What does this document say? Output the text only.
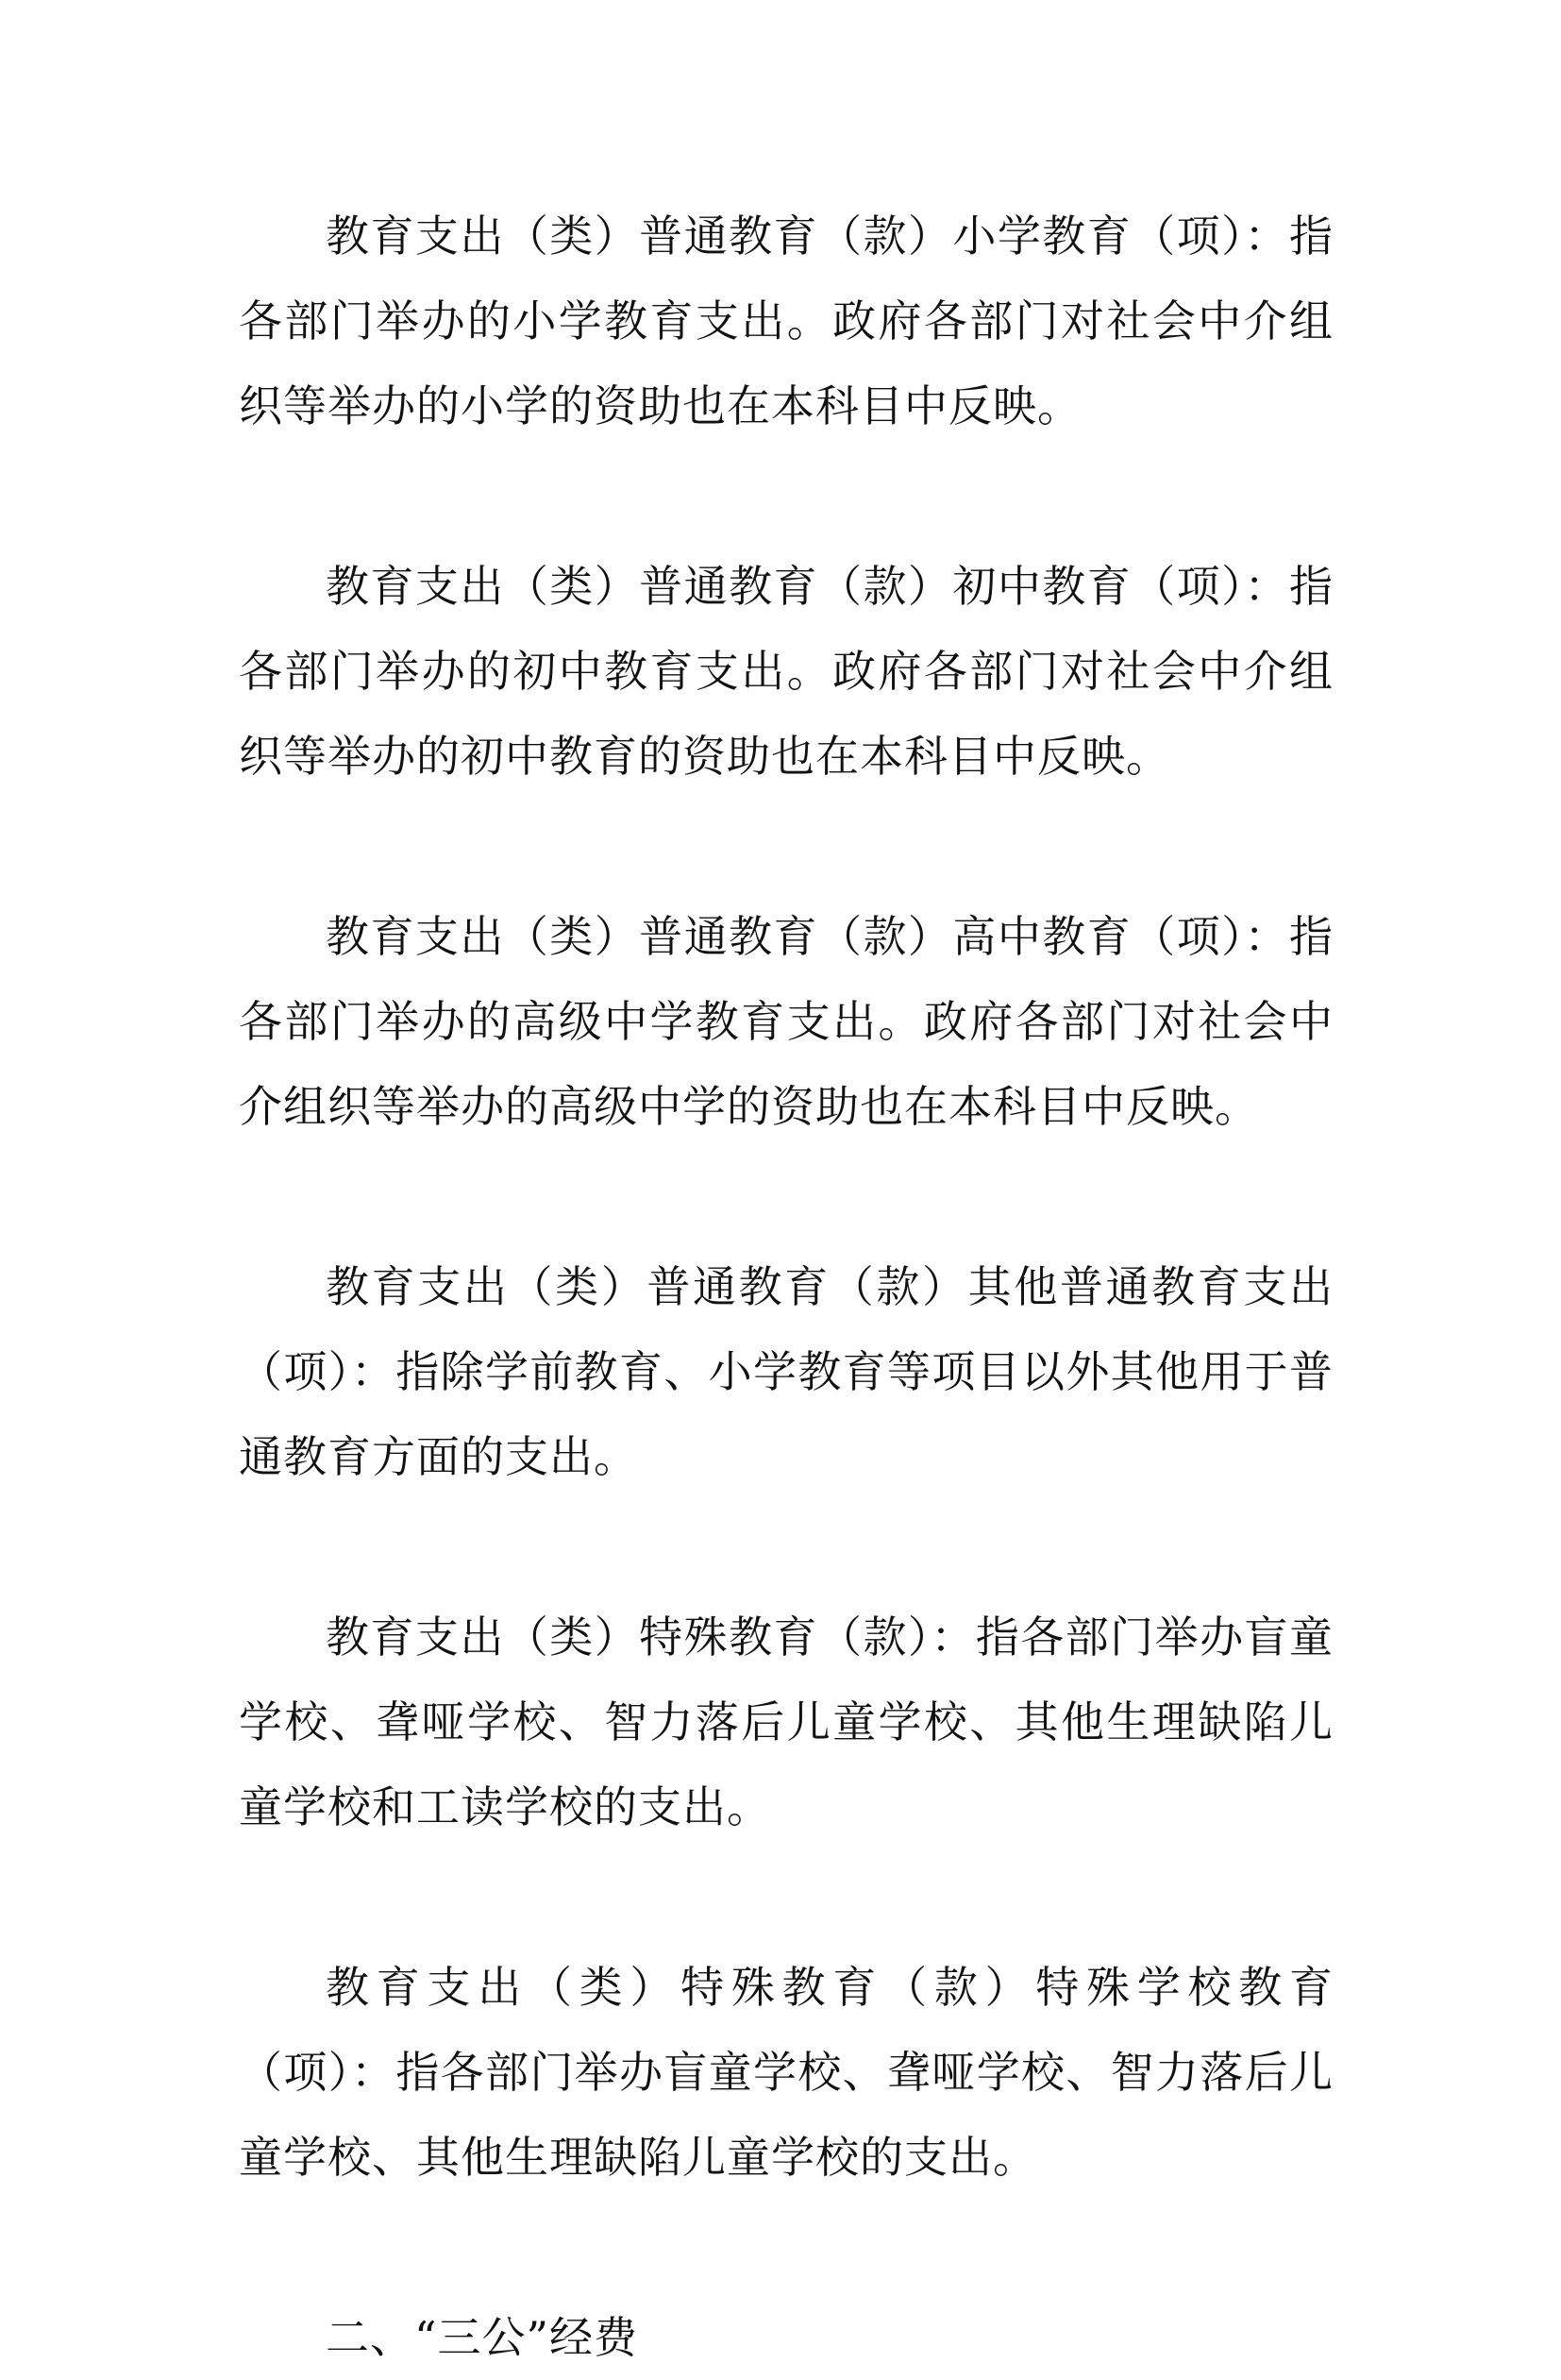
教育支出（类）普通教育（款）小学教育（项）：指各部门举办的小学教育支出。政府各部门对社会中介组织等举办的小学的资助也在本科目中反映。

教育支出（类）普通教育（款）初中教育（项）：指各部门举办的初中教育支出。政府各部门对社会中介组织等举办的初中教育的资助也在本科目中反映。

教育支出（类）普通教育（款）高中教育（项）：指各部门举办的高级中学教育支出。政府各部门对社会中介组织等举办的高级中学的资助也在本科目中反映。

教育支出（类）普通教育（款）其他普通教育支出（项）：指除学前教育、小学教育等项目以外其他用于普通教育方面的支出。

教育支出（类）特殊教育（款）：指各部门举办盲童学校、聋哑学校、智力落后儿童学校、其他生理缺陷儿童学校和工读学校的支出。

教育支出（类）特殊教育（款）特殊学校教育（项）：指各部门举办盲童学校、聋哑学校、智力落后儿童学校、其他生理缺陷儿童学校的支出。

二、“三公”经费
